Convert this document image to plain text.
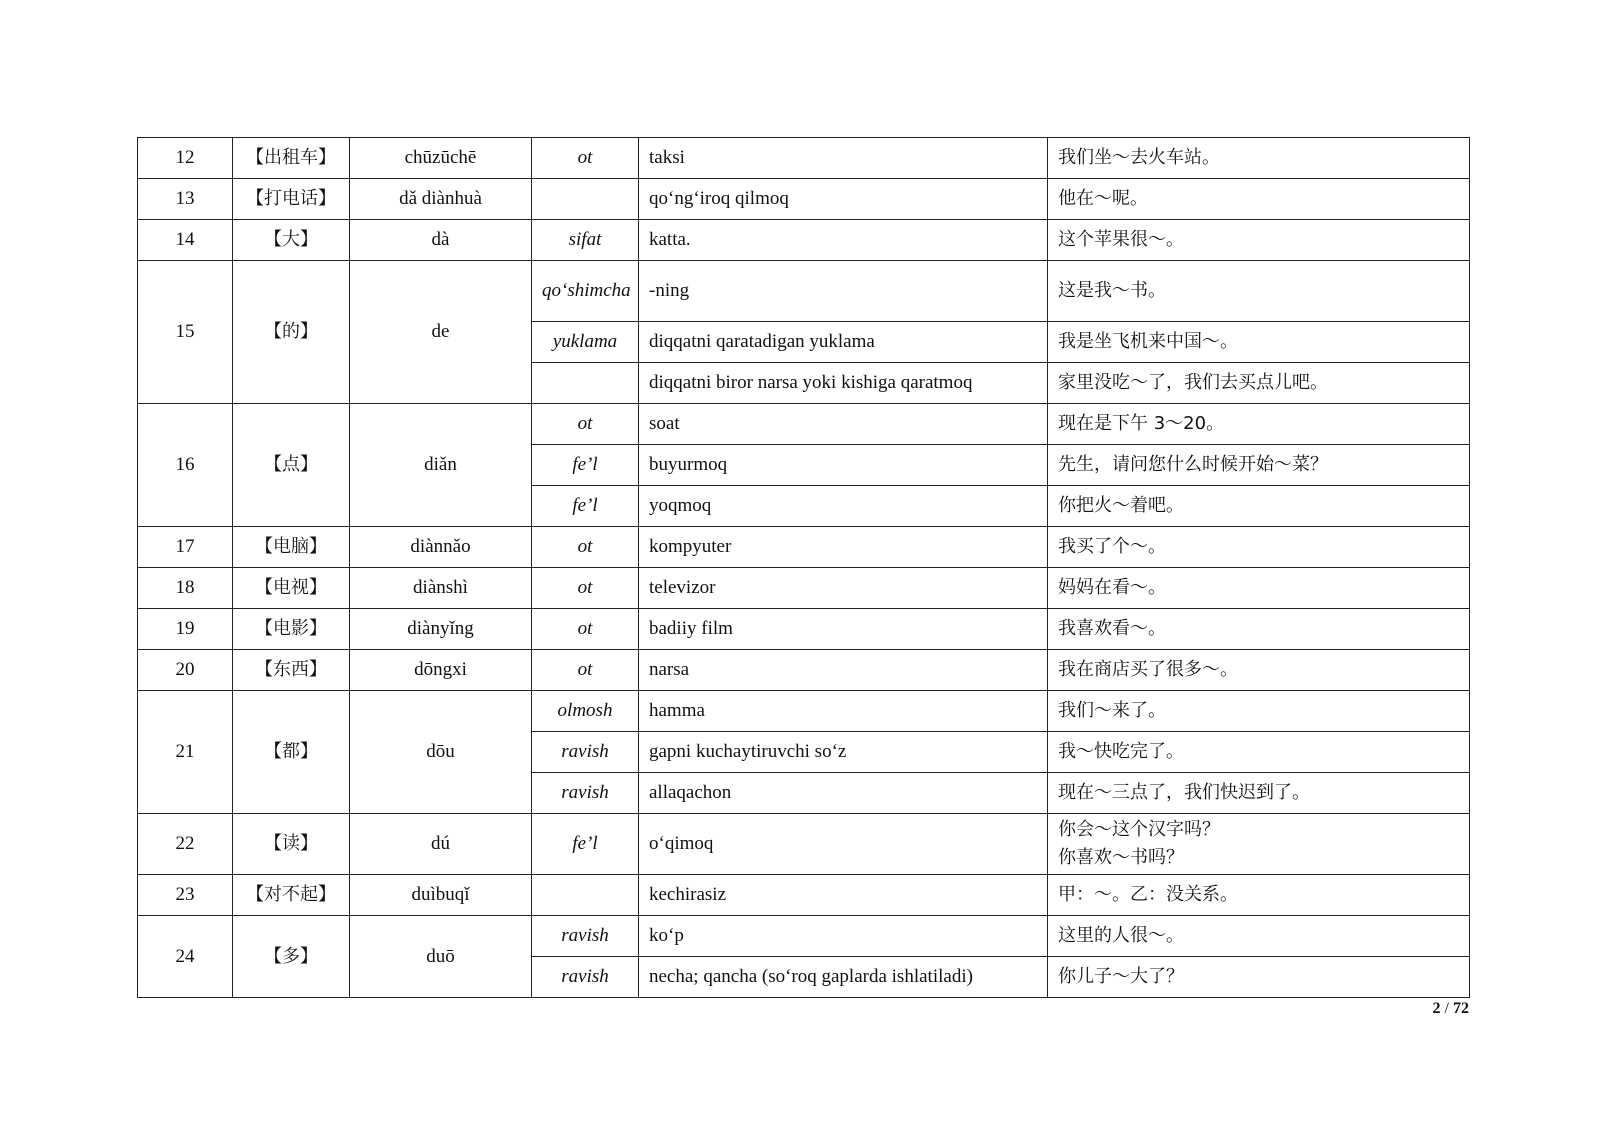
12	【出租车】	chūzūchē	ot	taksi	我们坐～去火车站。

13	【打电话】	dǎ diànhuà		qo‘ng‘iroq qilmoq	他在～呢。

14	【大】	dà	sifat	katta.	这个苹果很～。

15	【的】	de	qo‘shimcha	-ning	这是我～书。

			yuklama	diqqatni qaratadigan yuklama	我是坐飞机来中国～。

				diqqatni biror narsa yoki kishiga qaratmoq	家里没吃～了，我们去买点儿吧。

16	【点】	diǎn	ot	soat	现在是下午 3～20。

			fe’l	buyurmoq	先生，请问您什么时候开始～菜？

			fe’l	yoqmoq	你把火～着吧。

17	【电脑】	diànnǎo	ot	kompyuter	我买了个～。

18	【电视】	diànshì	ot	televizor	妈妈在看～。

19	【电影】	diànyǐng	ot	badiiy film	我喜欢看～。

20	【东西】	dōngxi	ot	narsa	我在商店买了很多～。

21	【都】	dōu	olmosh	hamma	我们～来了。

			ravish	gapni kuchaytiruvchi so‘z	我～快吃完了。

			ravish	allaqachon	现在～三点了，我们快迟到了。

22	【读】	dú	fe’l	o‘qimoq	你会～这个汉字吗？
你喜欢～书吗？

23	【对不起】	duìbuqǐ		kechirasiz	甲：～。乙：没关系。

24	【多】	duō	ravish	ko‘p	这里的人很～。

			ravish	necha; qancha (so‘roq gaplarda ishlatiladi)	你儿子～大了？
2 / 72
